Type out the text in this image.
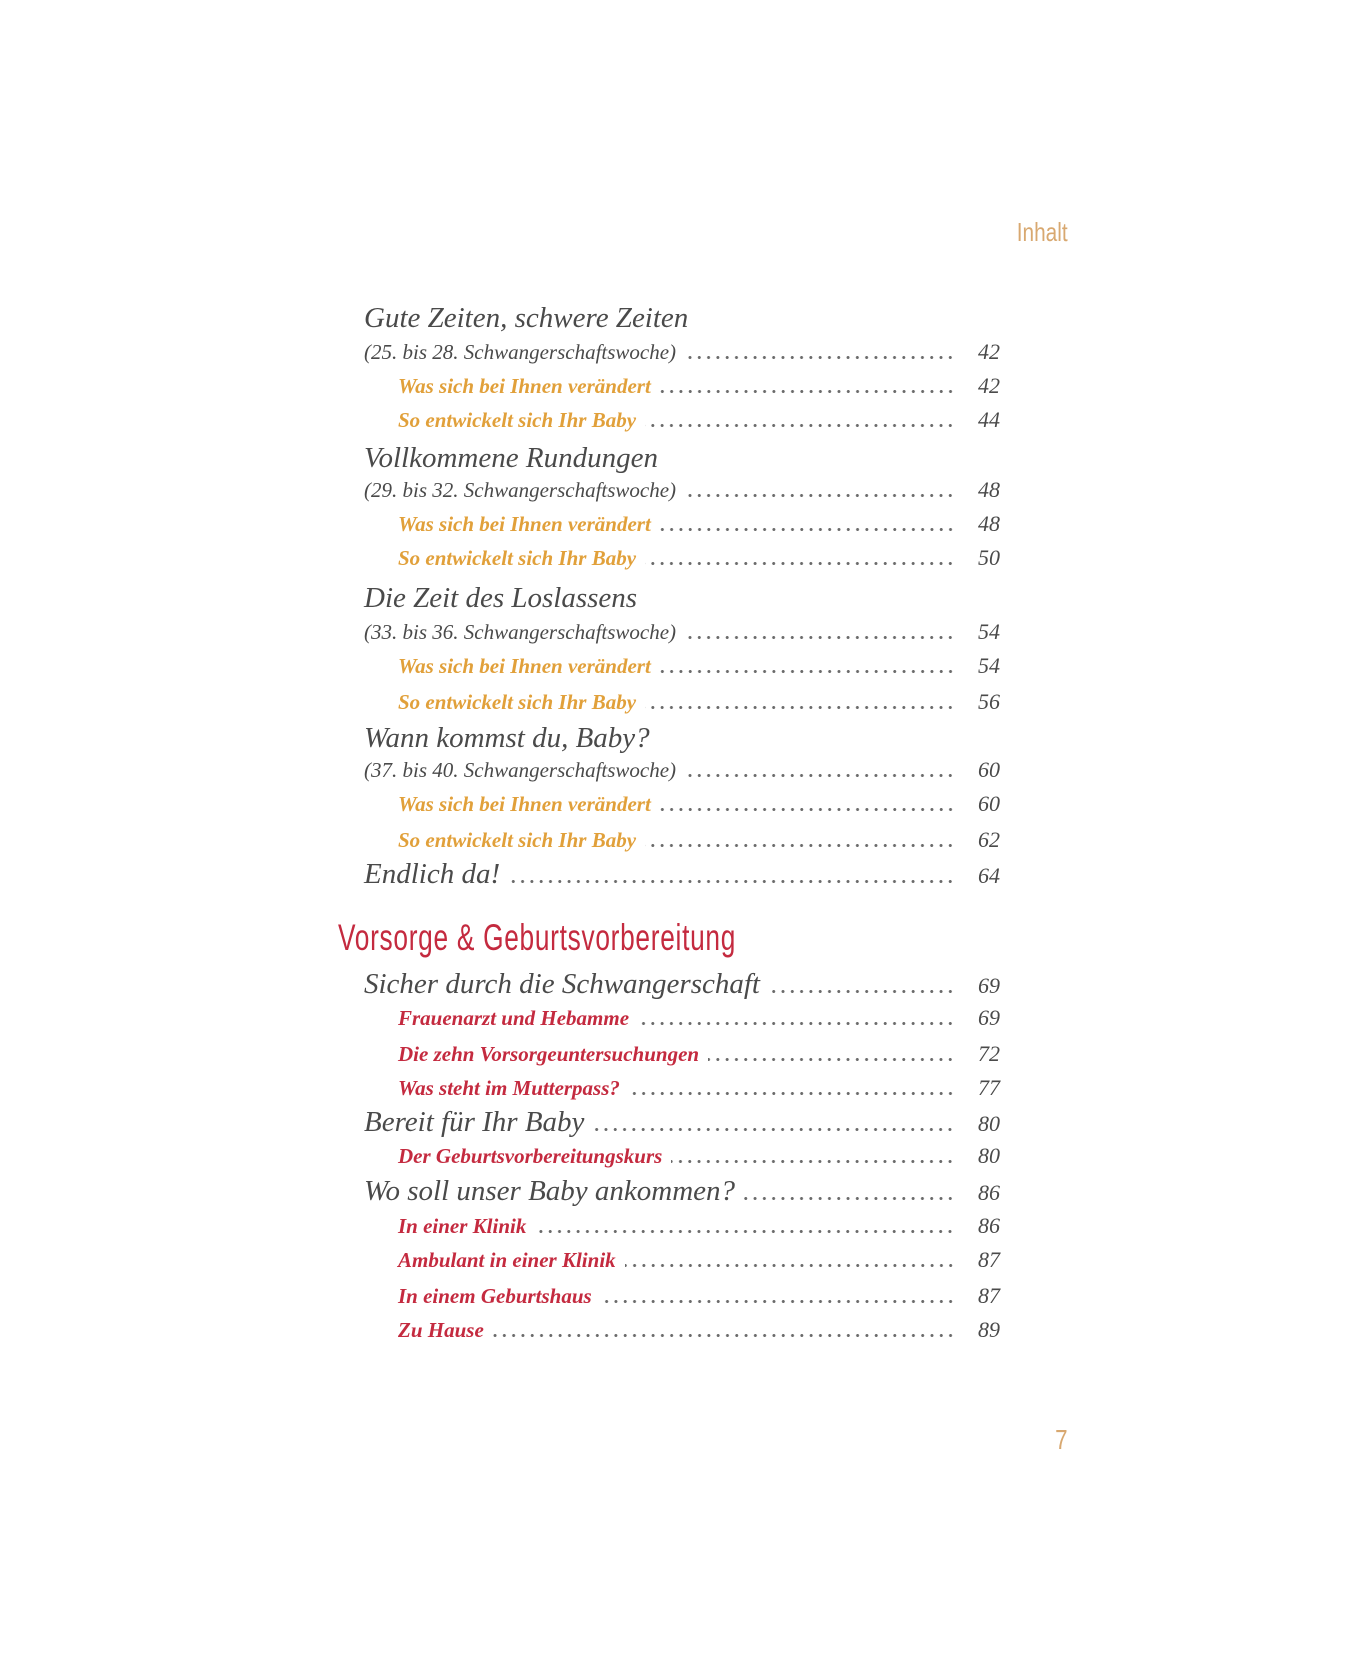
Inhalt
Gute Zeiten, schwere Zeiten
(25. bis 28. Schwangerschaftswoche)	42
Was sich bei Ihnen verändert	42
So entwickelt sich Ihr Baby	44
Vollkommene Rundungen
(29. bis 32. Schwangerschaftswoche)	48
Was sich bei Ihnen verändert	48
So entwickelt sich Ihr Baby	50
Die Zeit des Loslassens
(33. bis 36. Schwangerschaftswoche)	54
Was sich bei Ihnen verändert	54
So entwickelt sich Ihr Baby	56
Wann kommst du, Baby?
(37. bis 40. Schwangerschaftswoche)	60
Was sich bei Ihnen verändert	60
So entwickelt sich Ihr Baby	62
Endlich da!	64
Vorsorge & Geburtsvorbereitung
Sicher durch die Schwangerschaft	69
Frauenarzt und Hebamme	69
Die zehn Vorsorgeuntersuchungen	72
Was steht im Mutterpass?	77
Bereit für Ihr Baby	80
Der Geburtsvorbereitungskurs	80
Wo soll unser Baby ankommen?	86
In einer Klinik	86
Ambulant in einer Klinik	87
In einem Geburtshaus	87
Zu Hause	89
7
